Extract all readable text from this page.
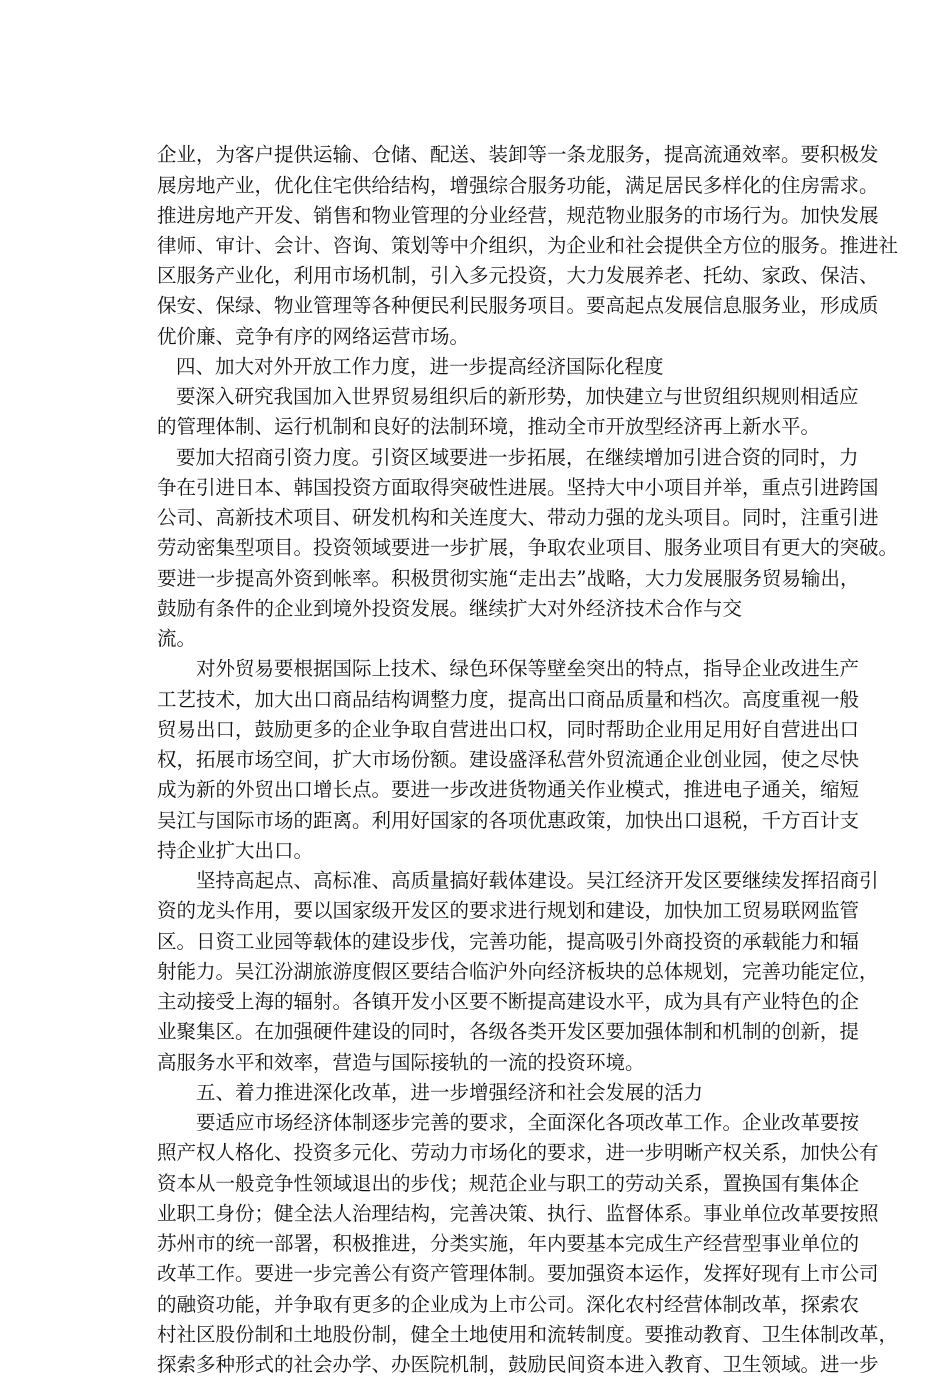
企业，为客户提供运输、仓储、配送、装卸等一条龙服务，提高流通效率。要积极发

展房地产业，优化住宅供给结构，增强综合服务功能，满足居民多样化的住房需求。

推进房地产开发、销售和物业管理的分业经营，规范物业服务的市场行为。加快发展

律师、审计、会计、咨询、策划等中介组织，为企业和社会提供全方位的服务。推进社

区服务产业化，利用市场机制，引入多元投资，大力发展养老、托幼、家政、保洁、

保安、保绿、物业管理等各种便民利民服务项目。要高起点发展信息服务业，形成质

优价廉、竞争有序的网络运营市场。

四、加大对外开放工作力度，进一步提高经济国际化程度

要深入研究我国加入世界贸易组织后的新形势，加快建立与世贸组织规则相适应

的管理体制、运行机制和良好的法制环境，推动全市开放型经济再上新水平。

要加大招商引资力度。引资区域要进一步拓展，在继续增加引进合资的同时，力

争在引进日本、韩国投资方面取得突破性进展。坚持大中小项目并举，重点引进跨国

公司、高新技术项目、研发机构和关连度大、带动力强的龙头项目。同时，注重引进

劳动密集型项目。投资领域要进一步扩展，争取农业项目、服务业项目有更大的突破。

要进一步提高外资到帐率。积极贯彻实施“走出去”战略，大力发展服务贸易输出，

鼓励有条件的企业到境外投资发展。继续扩大对外经济技术合作与交

流。

对外贸易要根据国际上技术、绿色环保等壁垒突出的特点，指导企业改进生产

工艺技术，加大出口商品结构调整力度，提高出口商品质量和档次。高度重视一般

贸易出口，鼓励更多的企业争取自营进出口权，同时帮助企业用足用好自营进出口

权，拓展市场空间，扩大市场份额。建设盛泽私营外贸流通企业创业园，使之尽快

成为新的外贸出口增长点。要进一步改进货物通关作业模式，推进电子通关，缩短

吴江与国际市场的距离。利用好国家的各项优惠政策，加快出口退税，千方百计支

持企业扩大出口。

坚持高起点、高标准、高质量搞好载体建设。吴江经济开发区要继续发挥招商引

资的龙头作用，要以国家级开发区的要求进行规划和建设，加快加工贸易联网监管

区。日资工业园等载体的建设步伐，完善功能，提高吸引外商投资的承载能力和辐

射能力。吴江汾湖旅游度假区要结合临沪外向经济板块的总体规划，完善功能定位，

主动接受上海的辐射。各镇开发小区要不断提高建设水平，成为具有产业特色的企

业聚集区。在加强硬件建设的同时，各级各类开发区要加强体制和机制的创新，提

高服务水平和效率，营造与国际接轨的一流的投资环境。

五、着力推进深化改革，进一步增强经济和社会发展的活力

要适应市场经济体制逐步完善的要求，全面深化各项改革工作。企业改革要按

照产权人格化、投资多元化、劳动力市场化的要求，进一步明晰产权关系，加快公有

资本从一般竞争性领域退出的步伐；规范企业与职工的劳动关系，置换国有集体企

业职工身份；健全法人治理结构，完善决策、执行、监督体系。事业单位改革要按照

苏州市的统一部署，积极推进，分类实施，年内要基本完成生产经营型事业单位的

改革工作。要进一步完善公有资产管理体制。要加强资本运作，发挥好现有上市公司

的融资功能，并争取有更多的企业成为上市公司。深化农村经营体制改革，探索农

村社区股份制和土地股份制，健全土地使用和流转制度。要推动教育、卫生体制改革，

探索多种形式的社会办学、办医院机制，鼓励民间资本进入教育、卫生领域。进一步
